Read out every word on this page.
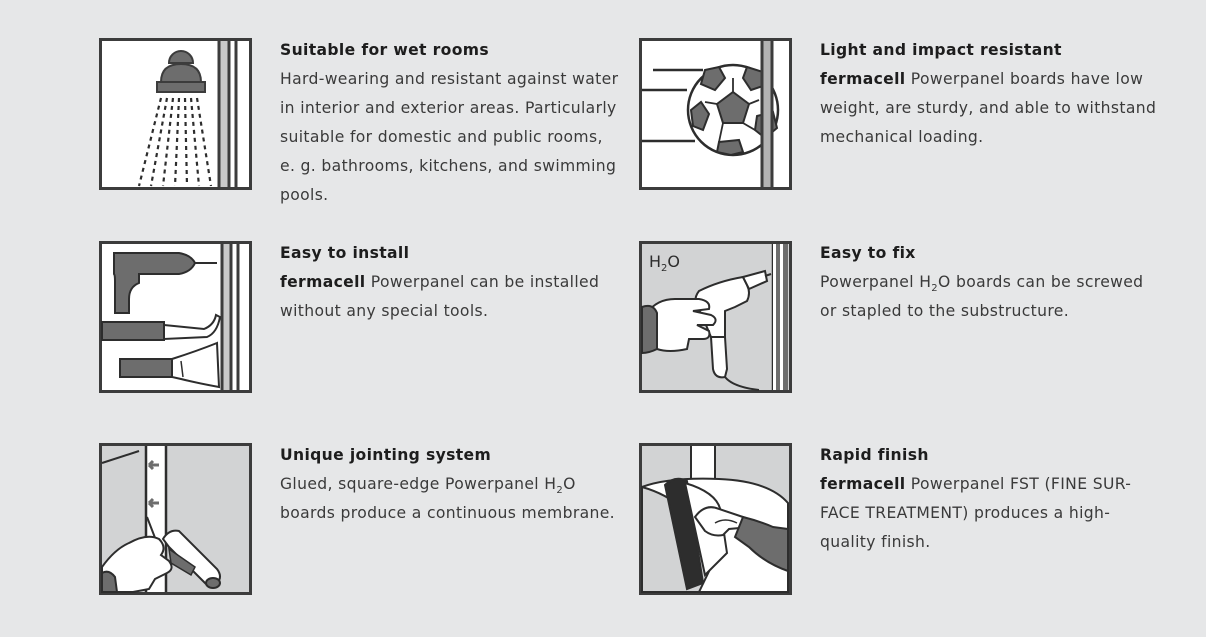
Suitable for wet rooms
Hard-wearing and resistant against water in interior and exterior areas. Particularly suitable for domestic and public rooms, e. g. bathrooms, kitchens, and swimming pools.
Light and impact resistant
fermacell Powerpanel boards have low weight, are sturdy, and able to withstand mechanical loading.
Easy to install
fermacell Powerpanel can be installed without any special tools.
$H_2O$	Easy to fix
Powerpanel $H_2O$ boards can be screwed or stapled to the substructure.
Unique jointing system
Glued, square-edge Powerpanel $H_2O$ boards produce a continuous membrane.
Rapid finish
fermacell Powerpanel FST (FINE SUR-FACE TREATMENT) produces a high-quality finish.
